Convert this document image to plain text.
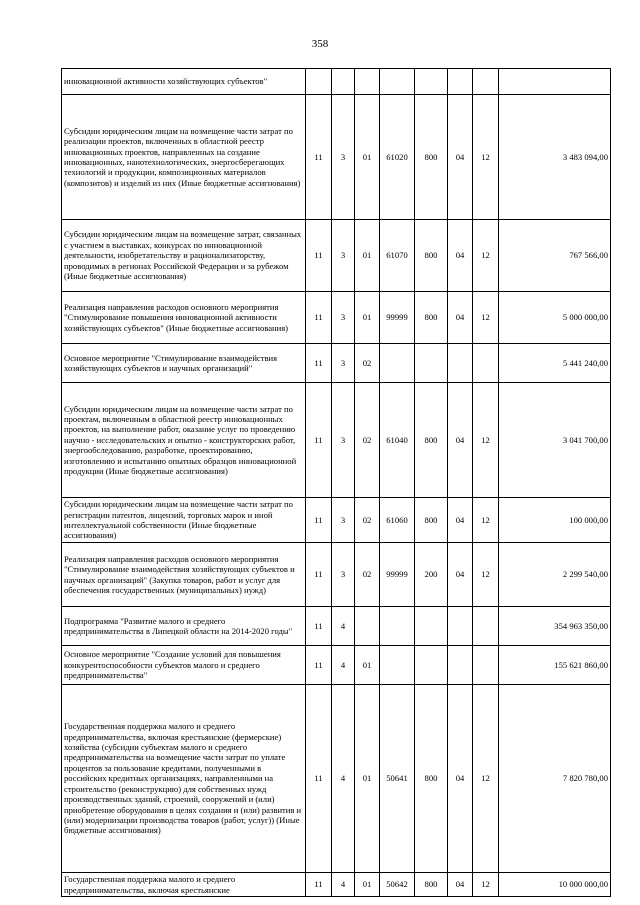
358
инновационной активности хозяйствующих субъектов"								
Субсидии юридическим лицам на возмещение части затрат по реализации проектов, включенных в областной реестр инновационных проектов, направленных на создание инновационных, нанотехнологических, энергосберегающих технологий и продукции, композиционных материалов (композитов) и изделий из них (Иные бюджетные ассигнования)	11	3	01	61020	800	04	12	3 483 094,00
Субсидии юридическим лицам на возмещение затрат, связанных с участием в выставках, конкурсах по инновационной деятельности, изобретательству и рационализаторству, проводимых в регионах Российской Федерации и за рубежом (Иные бюджетные ассигнования)	11	3	01	61070	800	04	12	767 566,00
Реализация направления расходов основного мероприятия "Стимулирование повышения инновационной активности хозяйствующих субъектов" (Иные бюджетные ассигнования)	11	3	01	99999	800	04	12	5 000 000,00
Основное мероприятие "Стимулирование взаимодействия хозяйствующих субъектов и научных организаций"	11	3	02					5 441 240,00
Субсидии юридическим лицам на возмещение части затрат по проектам, включенным в областной реестр инновационных проектов, на выполнение работ, оказание услуг по проведению научно - исследовательских и опытно - конструкторских работ, энергообследованию, разработке, проектированию, изготовлению и испытанию опытных образцов инновационной продукции (Иные бюджетные ассигнования)	11	3	02	61040	800	04	12	3 041 700,00
Субсидии юридическим лицам на возмещение части затрат по регистрации патентов, лицензий, торговых марок и иной интеллектуальной собственности (Иные бюджетные ассигнования)	11	3	02	61060	800	04	12	100 000,00
Реализация направления расходов основного мероприятия "Стимулирование взаимодействия хозяйствующих субъектов и научных организаций" (Закупка товаров, работ и услуг для обеспечения государственных (муниципальных) нужд)	11	3	02	99999	200	04	12	2 299 540,00
Подпрограмма "Развитие малого и среднего предпринимательства в Липецкой области на 2014-2020 годы"	11	4						354 963 350,00
Основное мероприятие "Создание условий для повышения конкурентоспособности субъектов малого и среднего предпринимательства"	11	4	01					155 621 860,00
Государственная поддержка малого и среднего предпринимательства, включая крестьянские (фермерские) хозяйства (субсидии субъектам малого и среднего предпринимательства на возмещение части затрат по уплате процентов за пользование кредитами, полученными в российских кредитных организациях, направленными на строительство (реконструкцию) для собственных нужд производственных зданий, строений, сооружений и (или) приобретение оборудования в целях создания и (или) развития и (или) модернизации производства товаров (работ, услуг)) (Иные бюджетные ассигнования)	11	4	01	50641	800	04	12	7 820 780,00
Государственная поддержка малого и среднего предпринимательства, включая крестьянские	11	4	01	50642	800	04	12	10 000 000,00
